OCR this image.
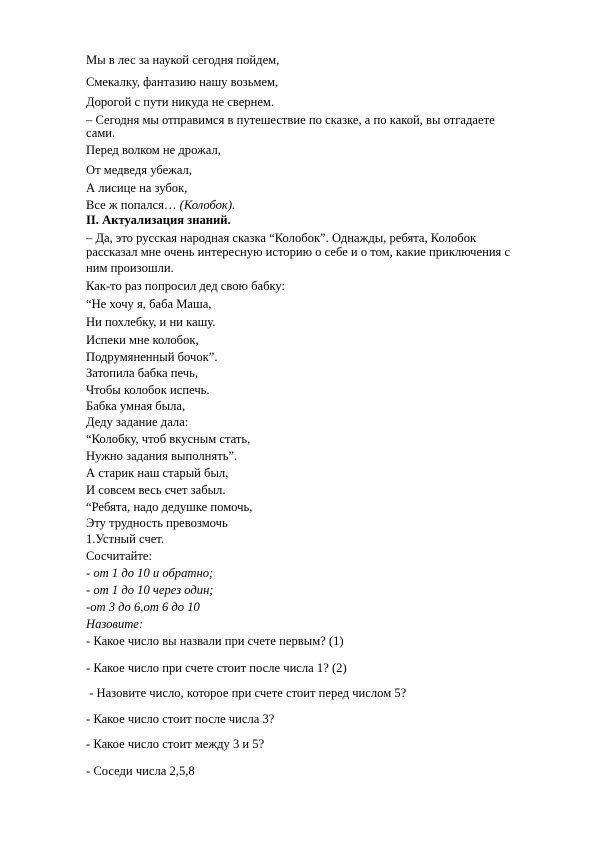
Мы в лес за наукой сегодня пойдем,

Смекалку, фантазию нашу возьмем,

Дорогой с пути никуда не свернем.

– Сегодня мы отправимся в путешествие по сказке, а по какой, вы отгадаете

сами.

Перед волком не дрожал,

От медведя убежал,

А лисице на зубок,

Все ж попался… (Колобок).

II. Актуализация знаний.

– Да, это русская народная сказка “Колобок”. Однажды, ребята, Колобок

рассказал мне очень интересную историю о себе и о том, какие приключения с

ним произошли.

Как-то раз попросил дед свою бабку:

“Не хочу я, баба Маша,

Ни похлебку, и ни кашу.

Испеки мне колобок,

Подрумяненный бочок”.

Затопила бабка печь,

Чтобы колобок испечь.

Бабка умная была,

Деду задание дала:

“Колобку, чтоб вкусным стать,

Нужно задания выполнять”.

А старик наш старый был,

И совсем весь счет забыл.

“Ребята, надо дедушке помочь,

Эту трудность превозмочь

1.Устный счет.

Сосчитайте:

- от 1 до 10 и обратно;

- от 1 до 10 через один;

-от 3 до 6,от 6 до 10

Назовите:

- Какое число вы назвали при счете первым? (1)

- Какое число при счете стоит после числа 1? (2)

- Назовите число, которое при счете стоит перед числом 5?

- Какое число стоит после числа 3?

- Какое число стоит между 3 и 5?

- Соседи числа 2,5,8
